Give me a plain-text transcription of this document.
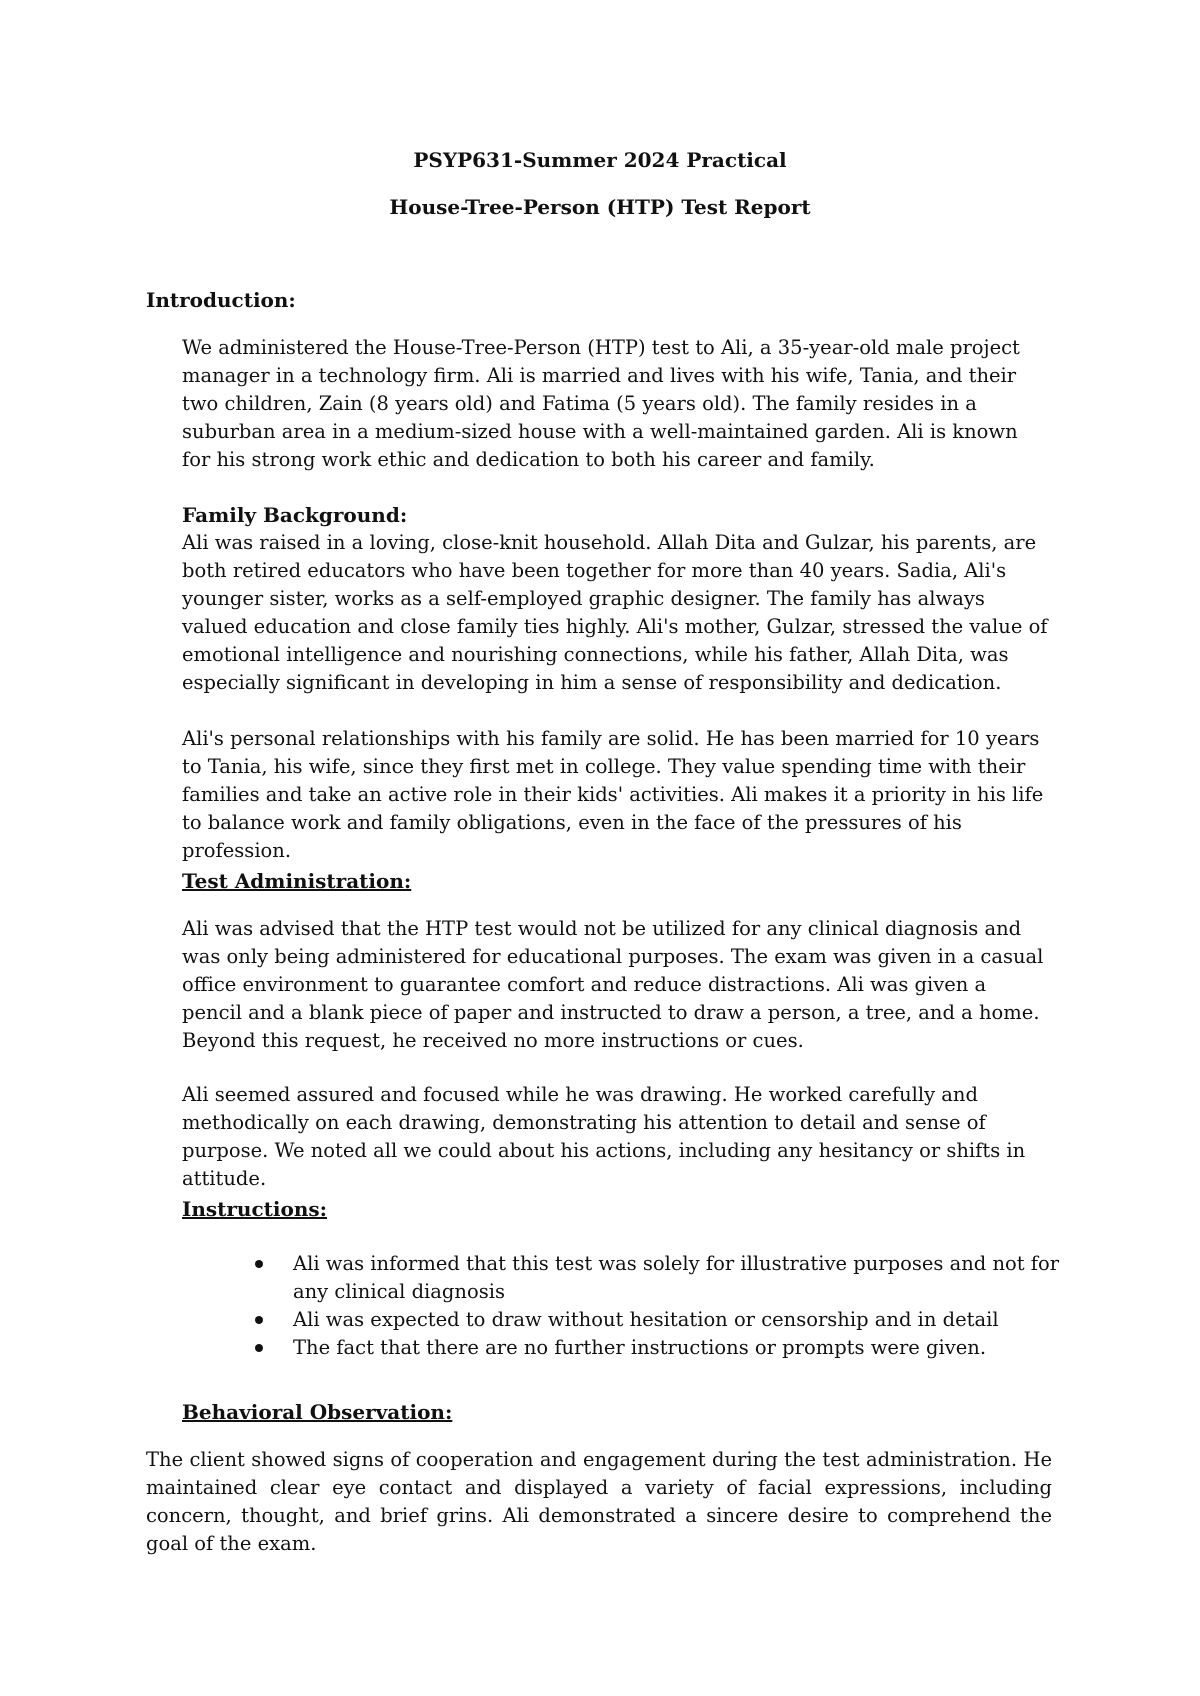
PSYP631-Summer 2024 Practical
House-Tree-Person (HTP) Test Report
Introduction:

We administered the House-Tree-Person (HTP) test to Ali, a 35-year-old male project manager in a technology firm. Ali is married and lives with his wife, Tania, and their two children, Zain (8 years old) and Fatima (5 years old). The family resides in a suburban area in a medium-sized house with a well-maintained garden. Ali is known for his strong work ethic and dedication to both his career and family.

Family Background:

Ali was raised in a loving, close-knit household. Allah Dita and Gulzar, his parents, are both retired educators who have been together for more than 40 years. Sadia, Ali's younger sister, works as a self-employed graphic designer. The family has always valued education and close family ties highly. Ali's mother, Gulzar, stressed the value of emotional intelligence and nourishing connections, while his father, Allah Dita, was especially significant in developing in him a sense of responsibility and dedication.

Ali's personal relationships with his family are solid. He has been married for 10 years to Tania, his wife, since they first met in college. They value spending time with their families and take an active role in their kids' activities. Ali makes it a priority in his life to balance work and family obligations, even in the face of the pressures of his profession.

Test Administration:

Ali was advised that the HTP test would not be utilized for any clinical diagnosis and was only being administered for educational purposes. The exam was given in a casual office environment to guarantee comfort and reduce distractions. Ali was given a pencil and a blank piece of paper and instructed to draw a person, a tree, and a home. Beyond this request, he received no more instructions or cues.

Ali seemed assured and focused while he was drawing. He worked carefully and methodically on each drawing, demonstrating his attention to detail and sense of purpose. We noted all we could about his actions, including any hesitancy or shifts in attitude.

Instructions:
Ali was informed that this test was solely for illustrative purposes and not for any clinical diagnosis
Ali was expected to draw without hesitation or censorship and in detail
The fact that there are no further instructions or prompts were given.
Behavioral Observation:

The client showed signs of cooperation and engagement during the test administration. He maintained clear eye contact and displayed a variety of facial expressions, including concern, thought, and brief grins. Ali demonstrated a sincere desire to comprehend the goal of the exam.
